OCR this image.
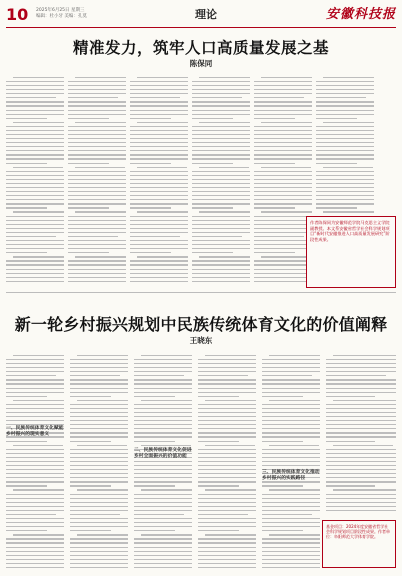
10	2025年6月25日 星期三
编辑：杜小牙 美编：孔莫	理论	安徽科技报
精准发力，筑牢人口高质量发展之基
陈保同

作者陈保同为安徽师范学院马克思主义学院副教授。本文系安徽省哲学社会科学规划项目“新时代安徽推进人口高质量发展研究”阶段性成果。

新一轮乡村振兴规划中民族传统体育文化的价值阐释
王晓东
一、民族传统体育文化赋能乡村振兴的现实意义
二、民族传统体育文化促进乡村全面振兴的价值功能
三、民族传统体育文化推动乡村振兴的实践路径

基金项目：2024年度安徽省哲学社会科学规划项目阶段性成果。作者单位：阜阳师范大学体育学院。
